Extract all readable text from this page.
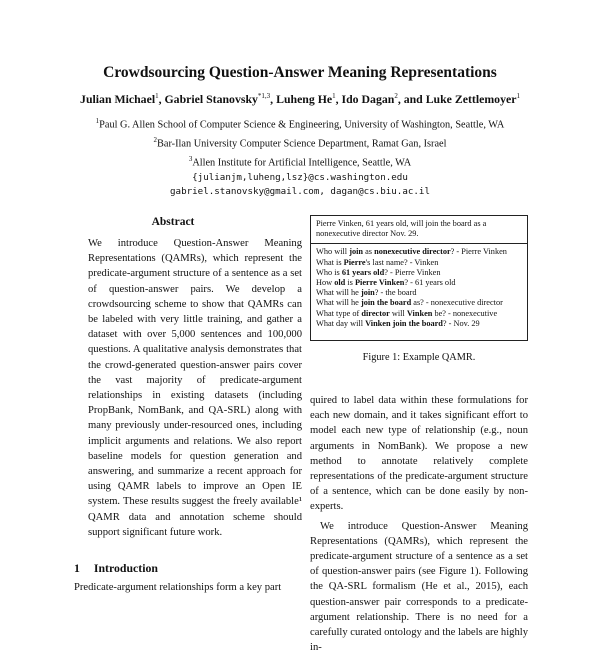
Crowdsourcing Question-Answer Meaning Representations
Julian Michael$^1$, Gabriel Stanovsky$^{*1,3}$, Luheng He$^1$, Ido Dagan$^2$, and Luke Zettlemoyer$^1$
$^1$Paul G. Allen School of Computer Science & Engineering, University of Washington, Seattle, WA
$^2$Bar-Ilan University Computer Science Department, Ramat Gan, Israel
$^3$Allen Institute for Artificial Intelligence, Seattle, WA
{julianjm,luheng,lsz}@cs.washington.edu
gabriel.stanovsky@gmail.com, dagan@cs.biu.ac.il
Abstract

We introduce Question-Answer Meaning Representations (QAMRs), which represent the predicate-argument structure of a sentence as a set of question-answer pairs. We develop a crowdsourcing scheme to show that QAMRs can be labeled with very little training, and gather a dataset with over 5,000 sentences and 100,000 questions. A qualitative analysis demonstrates that the crowd-generated question-answer pairs cover the vast majority of predicate-argument relationships in existing datasets (including PropBank, NomBank, and QA-SRL) along with many previously under-resourced ones, including implicit arguments and relations. We also report baseline models for question generation and answering, and summarize a recent approach for using QAMR labels to improve an Open IE system. These results suggest the freely available¹ QAMR data and annotation scheme should support significant future work.

1 Introduction

Predicate-argument relationships form a key part

Pierre Vinken, 61 years old, will join the board as a nonexecutive director Nov. 29.

Who will join as nonexecutive director? - Pierre Vinken

What is Pierre's last name? - Vinken

Who is 61 years old? - Pierre Vinken

How old is Pierre Vinken? - 61 years old

What will he join? - the board

What will he join the board as? - nonexecutive director

What type of director will Vinken be? - nonexecutive

What day will Vinken join the board? - Nov. 29

Figure 1: Example QAMR.

quired to label data within these formulations for each new domain, and it takes significant effort to model each new type of relationship (e.g., noun arguments in NomBank). We propose a new method to annotate relatively complete representations of the predicate-argument structure of a sentence, which can be done easily by non-experts.

We introduce Question-Answer Meaning Representations (QAMRs), which represent the predicate-argument structure of a sentence as a set of question-answer pairs (see Figure 1). Following the QA-SRL formalism (He et al., 2015), each question-answer pair corresponds to a predicate-argument relationship. There is no need for a carefully curated ontology and the labels are highly in-
